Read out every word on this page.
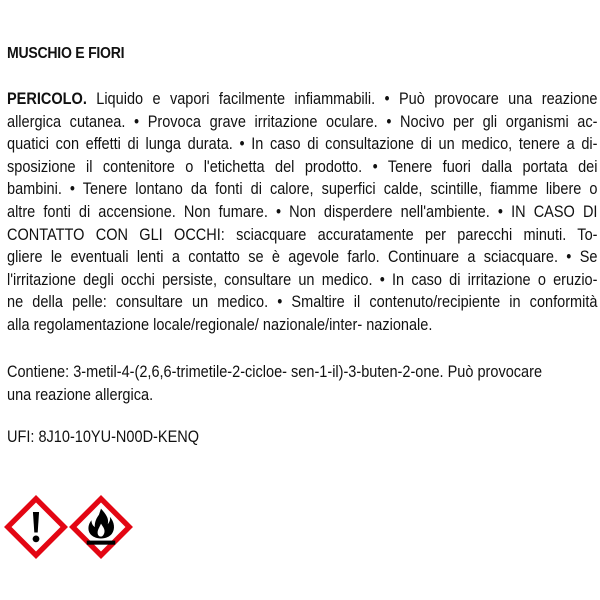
MUSCHIO E FIORI
PERICOLO. Liquido e vapori facilmente infiammabili. • Può provocare una reazione
allergica cutanea. • Provoca grave irritazione oculare. • Nocivo per gli organismi ac-
quatici con effetti di lunga durata. • In caso di consultazione di un medico, tenere a di-
sposizione il contenitore o l'etichetta del prodotto. • Tenere fuori dalla portata dei
bambini. • Tenere lontano da fonti di calore, superfici calde, scintille, fiamme libere o
altre fonti di accensione. Non fumare. • Non disperdere nell'ambiente. • IN CASO DI
CONTATTO CON GLI OCCHI: sciacquare accuratamente per parecchi minuti. To-
gliere le eventuali lenti a contatto se è agevole farlo. Continuare a sciacquare. • Se
l'irritazione degli occhi persiste, consultare un medico. • In caso di irritazione o eruzio-
ne della pelle: consultare un medico. • Smaltire il contenuto/recipiente in conformità
alla regolamentazione locale/regionale/ nazionale/inter- nazionale.
Contiene: 3-metil-4-(2,6,6-trimetile-2-cicloe- sen-1-il)-3-buten-2-one. Può provocare
una reazione allergica.
UFI: 8J10-10YU-N00D-KENQ
